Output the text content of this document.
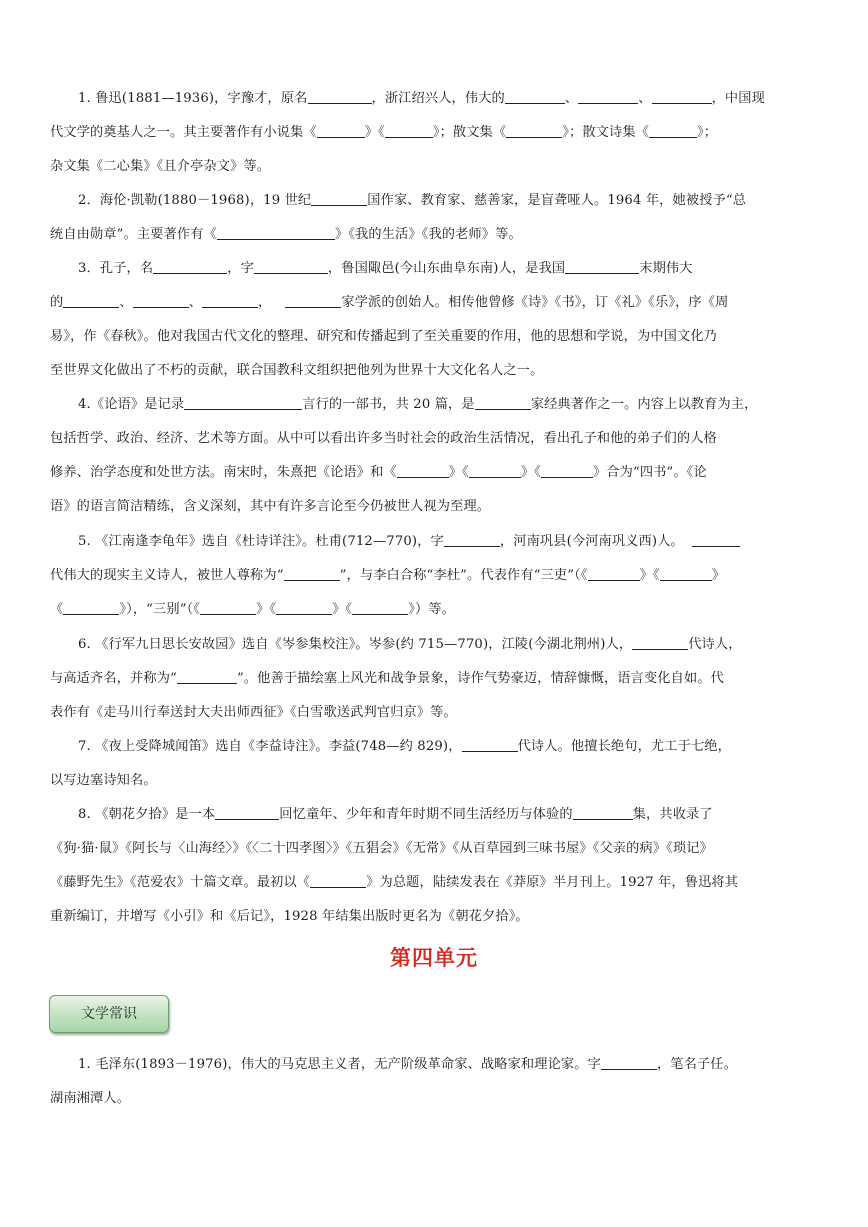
1. 鲁迅(1881—1936)，字豫才，原名	，浙江绍兴人，伟大的	、	、	，中国现
代文学的奠基人之一。其主要著作有小说集《	》《	》；散文集《	》；散文诗集《	》；
杂文集《二心集》《且介亭杂文》等。
2．海伦·凯勒(1880－1968)，19 世纪	国作家、教育家、慈善家，是盲聋哑人。1964 年，她被授予“总
统自由勋章”。主要著作有《	》《我的生活》《我的老师》等。
3．孔子，名	，字	，鲁国陬邑(今山东曲阜东南)人，是我国	末期伟大
的	、	、	，	家学派的创始人。相传他曾修《诗》《书》，订《礼》《乐》，序《周
易》，作《春秋》。他对我国古代文化的整理、研究和传播起到了至关重要的作用，他的思想和学说，为中国文化乃
至世界文化做出了不朽的贡献，联合国教科文组织把他列为世界十大文化名人之一。
4.《论语》是记录	言行的一部书，共 20 篇，是	家经典著作之一。内容上以教育为主，
包括哲学、政治、经济、艺术等方面。从中可以看出许多当时社会的政治生活情况，看出孔子和他的弟子们的人格
修养、治学态度和处世方法。南宋时，朱熹把《论语》和《	》《	》《	》合为“四书”。《论
语》的语言简洁精练，含义深刻，其中有许多言论至今仍被世人视为至理。
5. 《江南逢李龟年》选自《杜诗详注》。杜甫(712—770)，字	，河南巩县(今河南巩义西)人。
代伟大的现实主义诗人，被世人尊称为“	”，与李白合称“李杜”。代表作有“三吏”（《	》《	》
《	》），“三别”（《	》《	》《	》）等。
6. 《行军九日思长安故园》选自《岑参集校注》。岑参(约 715—770)，江陵(今湖北荆州)人，	代诗人，
与高适齐名，并称为“	”。他善于描绘塞上风光和战争景象，诗作气势豪迈，情辞慷慨，语言变化自如。代
表作有《走马川行奉送封大夫出师西征》《白雪歌送武判官归京》等。
7. 《夜上受降城闻笛》选自《李益诗注》。李益(748—约 829)，	代诗人。他擅长绝句，尤工于七绝，
以写边塞诗知名。
8. 《朝花夕拾》是一本	回忆童年、少年和青年时期不同生活经历与体验的	集，共收录了
《狗·猫·鼠》《阿长与〈山海经〉》《〈二十四孝图〉》《五猖会》《无常》《从百草园到三味书屋》《父亲的病》《琐记》
《藤野先生》《范爱农》十篇文章。最初以《	》为总题，陆续发表在《莽原》半月刊上。1927 年，鲁迅将其
重新编订，并增写《小引》和《后记》，1928 年结集出版时更名为《朝花夕拾》。
第四单元
文学常识
1. 毛泽东(1893－1976)，伟大的马克思主义者，无产阶级革命家、战略家和理论家。字	，笔名子任。
湖南湘潭人。
